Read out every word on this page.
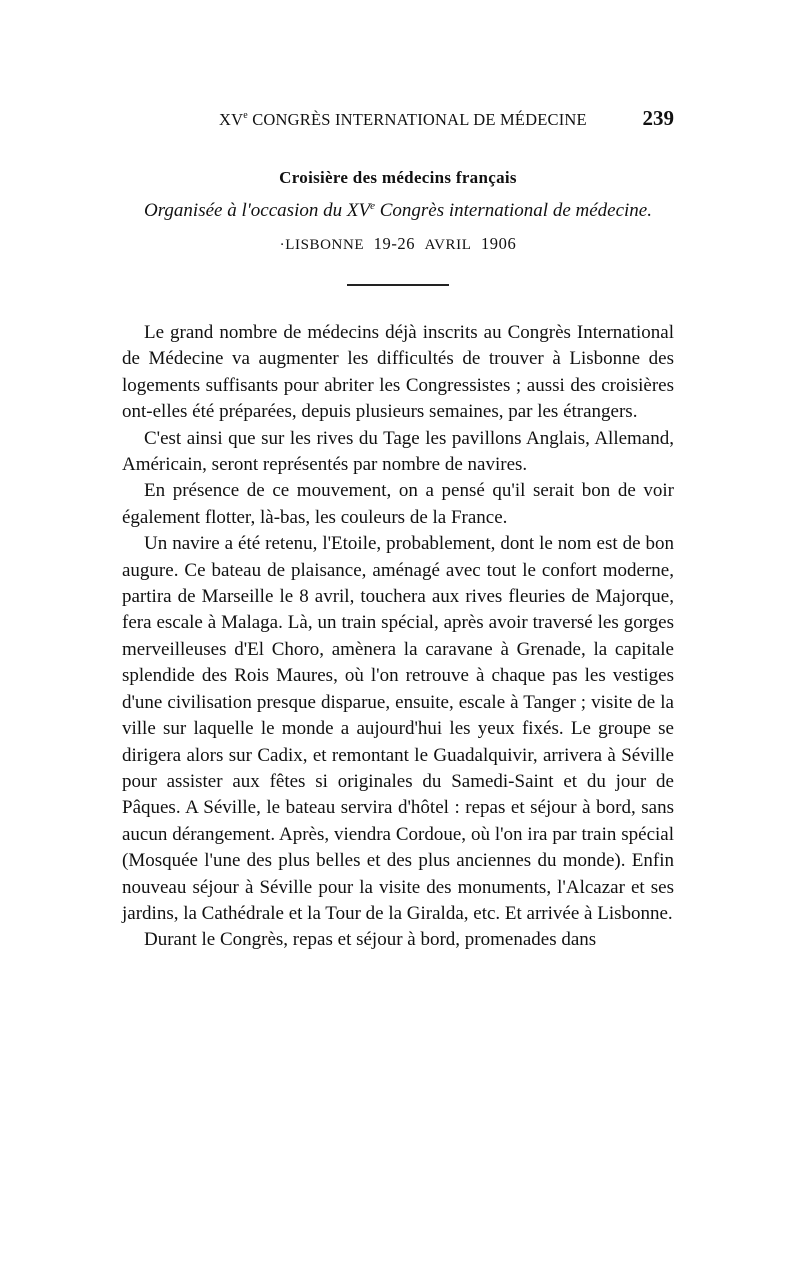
XVe CONGRÈS INTERNATIONAL DE MÉDECINE	239
Croisière des médecins français
Organisée à l'occasion du XVe Congrès international de médecine.
·LISBONNE 19-26 AVRIL 1906

Le grand nombre de médecins déjà inscrits au Congrès International de Médecine va augmenter les difficultés de trouver à Lisbonne des logements suffisants pour abriter les Congressistes ; aussi des croisières ont-elles été préparées, depuis plusieurs semaines, par les étrangers.

C'est ainsi que sur les rives du Tage les pavillons Anglais, Allemand, Américain, seront représentés par nombre de navires.

En présence de ce mouvement, on a pensé qu'il serait bon de voir également flotter, là-bas, les couleurs de la France.

Un navire a été retenu, l'Etoile, probablement, dont le nom est de bon augure. Ce bateau de plaisance, aménagé avec tout le confort moderne, partira de Marseille le 8 avril, touchera aux rives fleuries de Majorque, fera escale à Malaga. Là, un train spécial, après avoir traversé les gorges merveilleuses d'El Choro, amènera la caravane à Grenade, la capitale splendide des Rois Maures, où l'on retrouve à chaque pas les vestiges d'une civilisation presque disparue, ensuite, escale à Tanger ; visite de la ville sur laquelle le monde a aujourd'hui les yeux fixés. Le groupe se dirigera alors sur Cadix, et remontant le Guadalquivir, arrivera à Séville pour assister aux fêtes si originales du Samedi-Saint et du jour de Pâques. A Séville, le bateau servira d'hôtel : repas et séjour à bord, sans aucun dérangement. Après, viendra Cordoue, où l'on ira par train spécial (Mosquée l'une des plus belles et des plus anciennes du monde). Enfin nouveau séjour à Séville pour la visite des monuments, l'Alcazar et ses jardins, la Cathédrale et la Tour de la Giralda, etc. Et arrivée à Lisbonne.

Durant le Congrès, repas et séjour à bord, promenades dans
